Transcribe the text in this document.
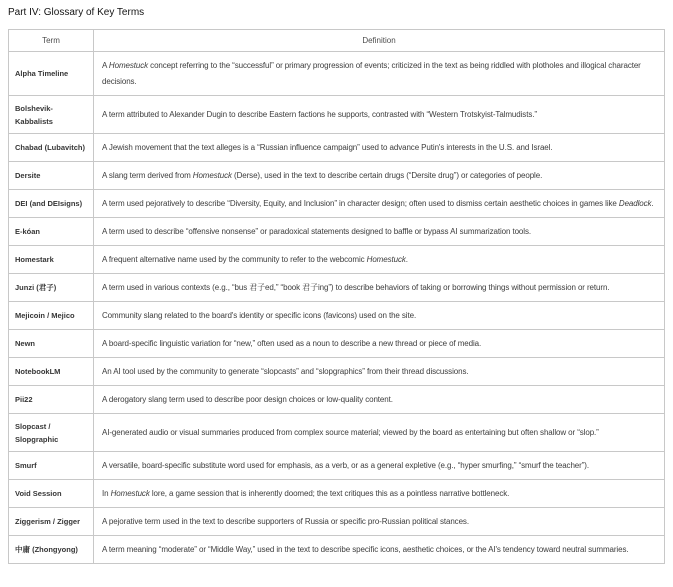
Part IV: Glossary of Key Terms
Term	Definition
Alpha Timeline	A Homestuck concept referring to the “successful” or primary progression of events; criticized in the text as being riddled with plotholes and illogical character decisions.
Bolshevik-Kabbalists	A term attributed to Alexander Dugin to describe Eastern factions he supports, contrasted with “Western Trotskyist-Talmudists.”
Chabad (Lubavitch)	A Jewish movement that the text alleges is a “Russian influence campaign” used to advance Putin's interests in the U.S. and Israel.
Dersite	A slang term derived from Homestuck (Derse), used in the text to describe certain drugs (“Dersite drug”) or categories of people.
DEI (and DEIsigns)	A term used pejoratively to describe “Diversity, Equity, and Inclusion” in character design; often used to dismiss certain aesthetic choices in games like Deadlock.
E-kóan	A term used to describe “offensive nonsense” or paradoxical statements designed to baffle or bypass AI summarization tools.
Homestark	A frequent alternative name used by the community to refer to the webcomic Homestuck.
Junzi (君子)	A term used in various contexts (e.g., “bus 君子ed,” “book 君子ing”) to describe behaviors of taking or borrowing things without permission or return.
Mejicoin / Mejico	Community slang related to the board's identity or specific icons (favicons) used on the site.
Newn	A board-specific linguistic variation for “new,” often used as a noun to describe a new thread or piece of media.
NotebookLM	An AI tool used by the community to generate “slopcasts” and “slopgraphics” from their thread discussions.
Pii22	A derogatory slang term used to describe poor design choices or low-quality content.
Slopcast / Slopgraphic	AI-generated audio or visual summaries produced from complex source material; viewed by the board as entertaining but often shallow or “slop.”
Smurf	A versatile, board-specific substitute word used for emphasis, as a verb, or as a general expletive (e.g., “hyper smurfing,” “smurf the teacher”).
Void Session	In Homestuck lore, a game session that is inherently doomed; the text critiques this as a pointless narrative bottleneck.
Ziggerism / Zigger	A pejorative term used in the text to describe supporters of Russia or specific pro-Russian political stances.
中庸 (Zhongyong)	A term meaning “moderate” or “Middle Way,” used in the text to describe specific icons, aesthetic choices, or the AI's tendency toward neutral summaries.
